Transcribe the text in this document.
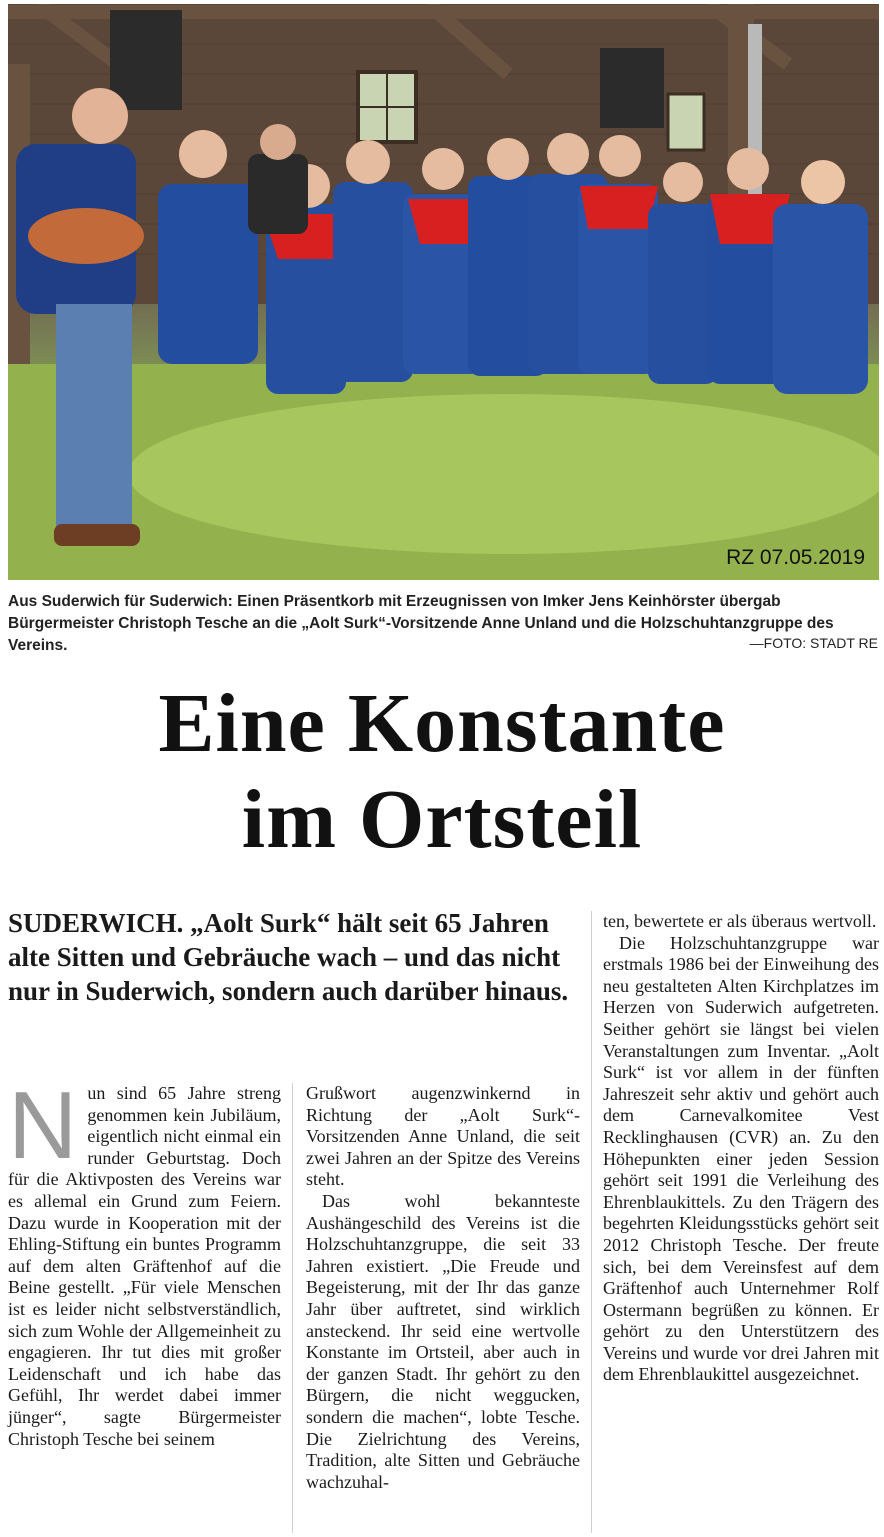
RZ 07.05.2019
Aus Suderwich für Suderwich: Einen Präsentkorb mit Erzeugnissen von Imker Jens Keinhörster übergab Bürgermeister Christoph Tesche an die „Aolt Surk“-Vorsitzende Anne Unland und die Holzschuhtanzgruppe des Vereins.	—FOTO: STADT RE
Eine Konstante
im Ortsteil
SUDERWICH. „Aolt Surk“ hält seit 65 Jahren alte Sitten und Gebräuche wach – und das nicht nur in Suderwich, sondern auch darüber hinaus.
N un sind 65 Jahre streng genommen kein Jubiläum, eigentlich nicht einmal ein runder Geburtstag. Doch für die Aktivposten des Vereins war es allemal ein Grund zum Feiern. Dazu wurde in Kooperation mit der Ehling-Stiftung ein buntes Programm auf dem alten Gräftenhof auf die Beine gestellt. „Für viele Menschen ist es leider nicht selbstverständlich, sich zum Wohle der Allgemeinheit zu engagieren. Ihr tut dies mit großer Leidenschaft und ich habe das Gefühl, Ihr werdet dabei immer jünger“, sagte Bürgermeister Christoph Tesche bei seinem

Grußwort augenzwinkernd in Richtung der „Aolt Surk“-Vorsitzenden Anne Unland, die seit zwei Jahren an der Spitze des Vereins steht.

Das wohl bekannteste Aushängeschild des Vereins ist die Holzschuhtanzgruppe, die seit 33 Jahren existiert. „Die Freude und Begeisterung, mit der Ihr das ganze Jahr über auftretet, sind wirklich ansteckend. Ihr seid eine wertvolle Konstante im Ortsteil, aber auch in der ganzen Stadt. Ihr gehört zu den Bürgern, die nicht weggucken, sondern die machen“, lobte Tesche. Die Zielrichtung des Vereins, Tradition, alte Sitten und Gebräuche wachzuhal-

ten, bewertete er als überaus wertvoll.

Die Holzschuhtanzgruppe war erstmals 1986 bei der Einweihung des neu gestalteten Alten Kirchplatzes im Herzen von Suderwich aufgetreten. Seither gehört sie längst bei vielen Veranstaltungen zum Inventar. „Aolt Surk“ ist vor allem in der fünften Jahreszeit sehr aktiv und gehört auch dem Carnevalkomitee Vest Recklinghausen (CVR) an. Zu den Höhepunkten einer jeden Session gehört seit 1991 die Verleihung des Ehrenblaukittels. Zu den Trägern des begehrten Kleidungsstücks gehört seit 2012 Christoph Tesche. Der freute sich, bei dem Vereinsfest auf dem Gräftenhof auch Unternehmer Rolf Ostermann begrüßen zu können. Er gehört zu den Unterstützern des Vereins und wurde vor drei Jahren mit dem Ehrenblaukittel ausgezeichnet.
